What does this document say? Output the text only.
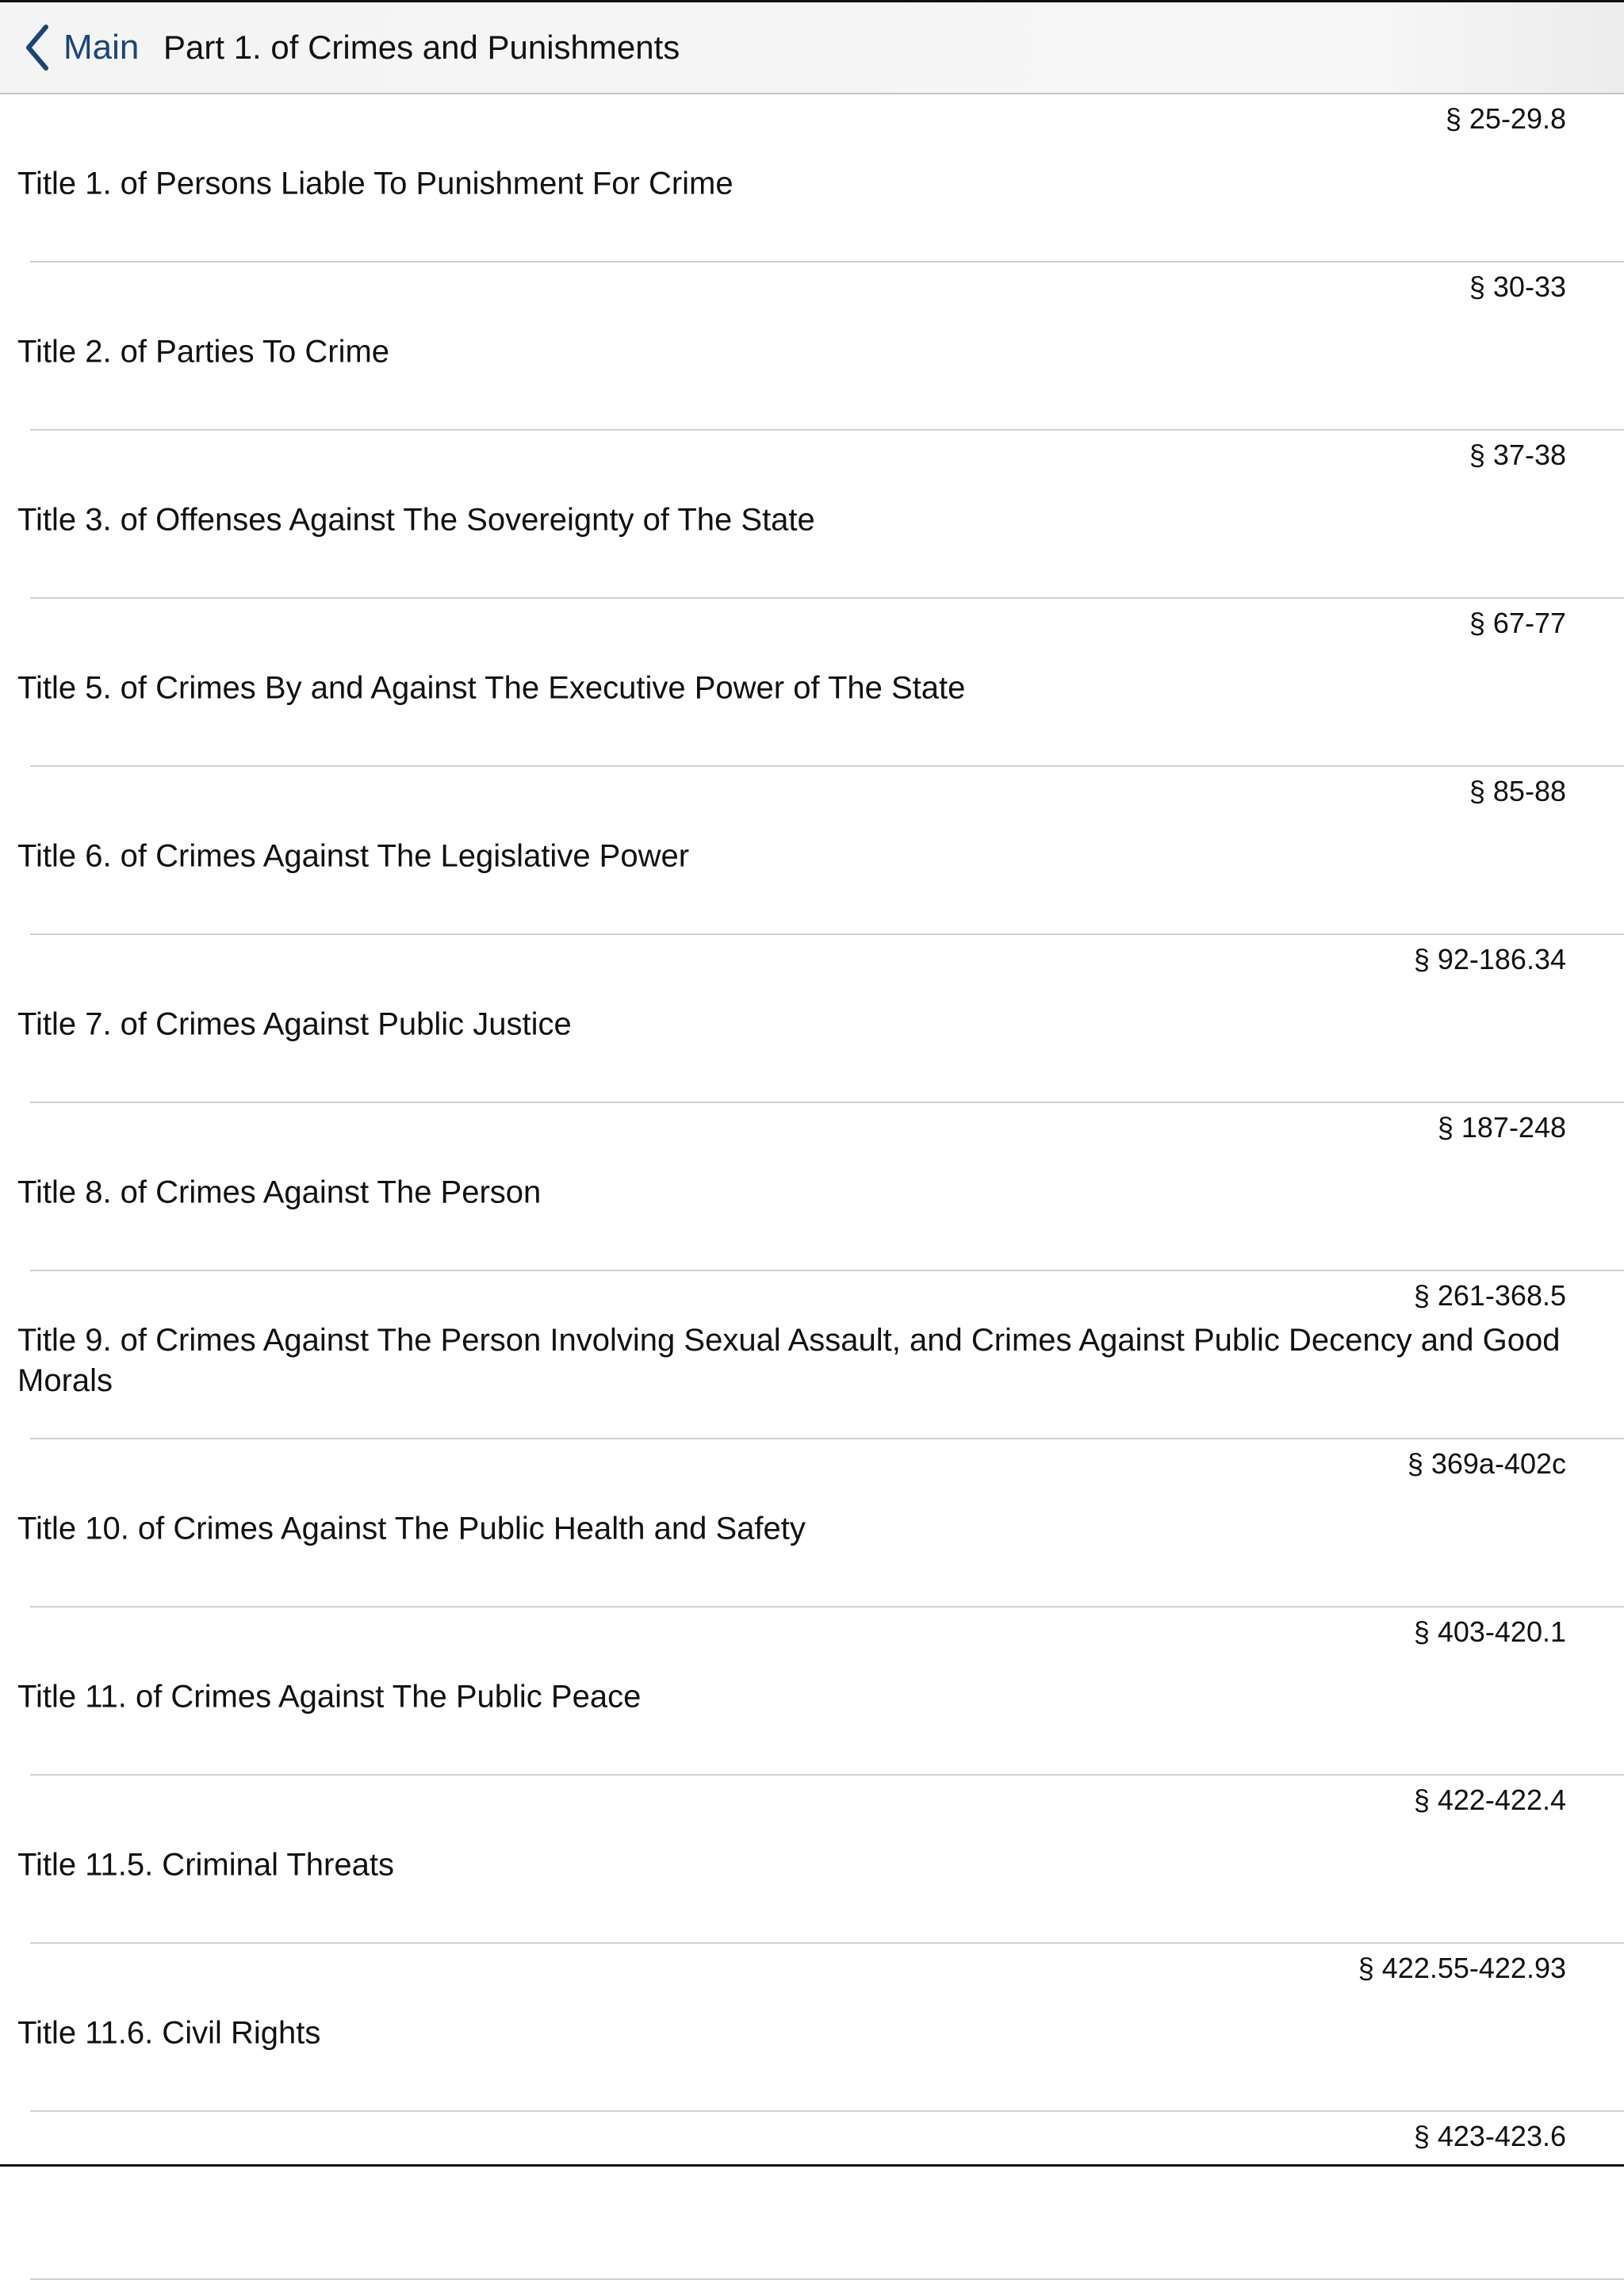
Main Part 1. of Crimes and Punishments
§ 25-29.8
Title 1. of Persons Liable To Punishment For Crime
§ 30-33
Title 2. of Parties To Crime
§ 37-38
Title 3. of Offenses Against The Sovereignty of The State
§ 67-77
Title 5. of Crimes By and Against The Executive Power of The State
§ 85-88
Title 6. of Crimes Against The Legislative Power
§ 92-186.34
Title 7. of Crimes Against Public Justice
§ 187-248
Title 8. of Crimes Against The Person
§ 261-368.5
Title 9. of Crimes Against The Person Involving Sexual Assault, and Crimes Against Public Decency and Good Morals
§ 369a-402c
Title 10. of Crimes Against The Public Health and Safety
§ 403-420.1
Title 11. of Crimes Against The Public Peace
§ 422-422.4
Title 11.5. Criminal Threats
§ 422.55-422.93
Title 11.6. Civil Rights
§ 423-423.6
